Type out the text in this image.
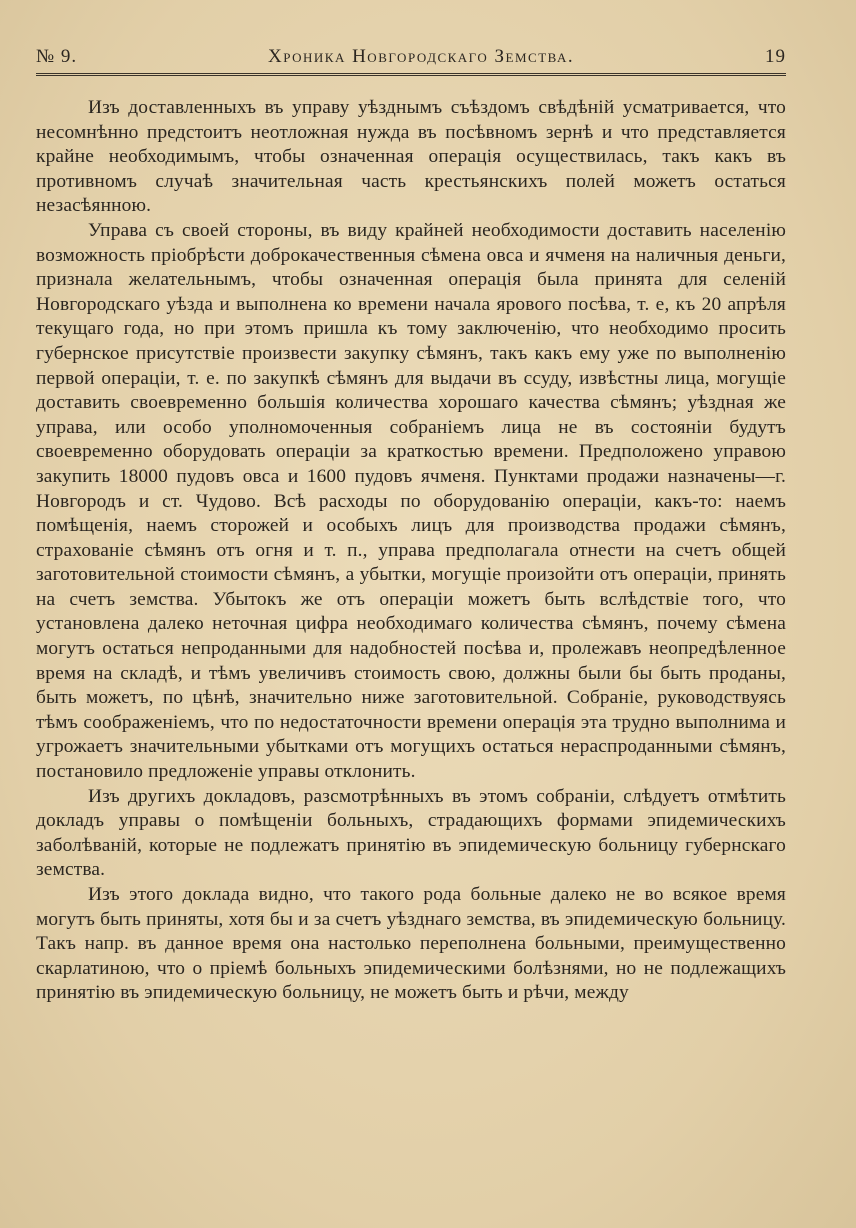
№ 9.	Хроника Новгородскаго Земства.	19

Изъ доставленныхъ въ управу уѣзднымъ съѣздомъ свѣдѣній усматривается, что несомнѣнно предстоитъ неотложная нужда въ посѣвномъ зернѣ и что представляется крайне необходимымъ, чтобы означенная операція осуществилась, такъ какъ въ противномъ случаѣ значительная часть крестьянскихъ полей можетъ остаться незасѣянною.

Управа съ своей стороны, въ виду крайней необходимости доставить населенію возможность пріобрѣсти доброкачественныя сѣмена овса и ячменя на наличныя деньги, признала желательнымъ, чтобы означенная операція была принята для селеній Новгородскаго уѣзда и выполнена ко времени начала ярового посѣва, т. е, къ 20 апрѣля текущаго года, но при этомъ пришла къ тому заключенію, что необходимо просить губернское присутствіе произвести закупку сѣмянъ, такъ какъ ему уже по выполненію первой операціи, т. е. по закупкѣ сѣмянъ для выдачи въ ссуду, извѣстны лица, могущіе доставить своевременно большія количества хорошаго качества сѣмянъ; уѣздная же управа, или особо уполномоченныя собраніемъ лица не въ состояніи будутъ своевременно оборудовать операціи за краткостью времени. Предположено управою закупить 18000 пудовъ овса и 1600 пудовъ ячменя. Пунктами продажи назначены—г. Новгородъ и ст. Чудово. Всѣ расходы по оборудованію операціи, какъ-то: наемъ помѣщенія, наемъ сторожей и особыхъ лицъ для производства продажи сѣмянъ, страхованіе сѣмянъ отъ огня и т. п., управа предполагала отнести на счетъ общей заготовительной стоимости сѣмянъ, а убытки, могущіе произойти отъ операціи, принять на счетъ земства. Убытокъ же отъ операціи можетъ быть вслѣдствіе того, что установлена далеко неточная цифра необходимаго количества сѣмянъ, почему сѣмена могутъ остаться непроданными для надобностей посѣва и, пролежавъ неопредѣленное время на складѣ, и тѣмъ увеличивъ стоимость свою, должны были бы быть проданы, быть можетъ, по цѣнѣ, значительно ниже заготовительной. Собраніе, руководствуясь тѣмъ соображеніемъ, что по недостаточности времени операція эта трудно выполнима и угрожаетъ значительными убытками отъ могущихъ остаться нераспроданными сѣмянъ, постановило предложеніе управы отклонить.

Изъ другихъ докладовъ, разсмотрѣнныхъ въ этомъ собраніи, слѣдуетъ отмѣтить докладъ управы о помѣщеніи больныхъ, страдающихъ формами эпидемическихъ заболѣваній, которые не подлежатъ принятію въ эпидемическую больницу губернскаго земства.

Изъ этого доклада видно, что такого рода больные далеко не во всякое время могутъ быть приняты, хотя бы и за счетъ уѣзднаго земства, въ эпидемическую больницу. Такъ напр. въ данное время она настолько переполнена больными, преимущественно скарлатиною, что о пріемѣ больныхъ эпидемическими болѣзнями, но не подлежащихъ принятію въ эпидемическую больницу, не можетъ быть и рѣчи, между
